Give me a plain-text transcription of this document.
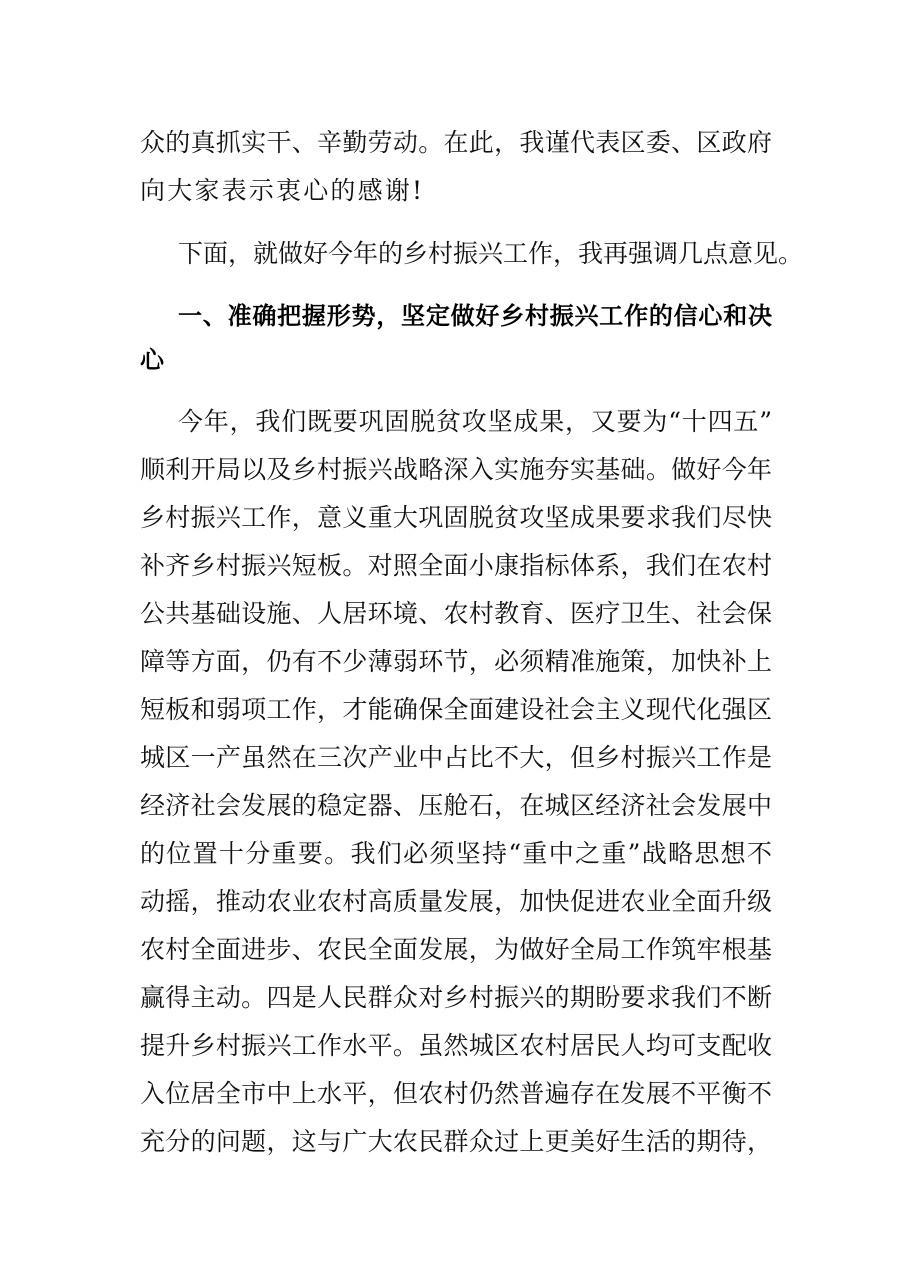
众的真抓实干、辛勤劳动。在此，我谨代表区委、区政府
向大家表示衷心的感谢!
下面，就做好今年的乡村振兴工作，我再强调几点意见。
一、准确把握形势，坚定做好乡村振兴工作的信心和决
心
今年，我们既要巩固脱贫攻坚成果，又要为“十四五”
顺利开局以及乡村振兴战略深入实施夯实基础。做好今年
乡村振兴工作，意义重大巩固脱贫攻坚成果要求我们尽快
补齐乡村振兴短板。对照全面小康指标体系，我们在农村
公共基础设施、人居环境、农村教育、医疗卫生、社会保
障等方面，仍有不少薄弱环节，必须精准施策，加快补上
短板和弱项工作，才能确保全面建设社会主义现代化强区
城区一产虽然在三次产业中占比不大，但乡村振兴工作是
经济社会发展的稳定器、压舱石，在城区经济社会发展中
的位置十分重要。我们必须坚持“重中之重”战略思想不
动摇，推动农业农村高质量发展，加快促进农业全面升级
农村全面进步、农民全面发展，为做好全局工作筑牢根基
赢得主动。四是人民群众对乡村振兴的期盼要求我们不断
提升乡村振兴工作水平。虽然城区农村居民人均可支配收
入位居全市中上水平，但农村仍然普遍存在发展不平衡不
充分的问题，这与广大农民群众过上更美好生活的期待，
